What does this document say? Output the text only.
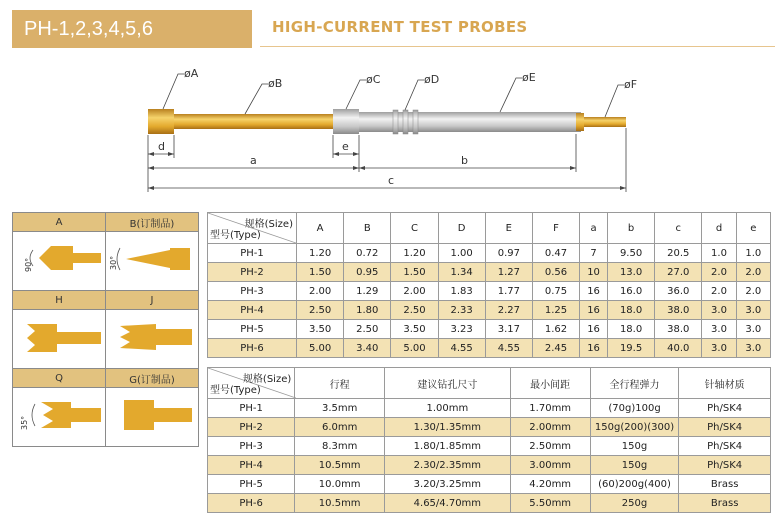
PH-1,2,3,4,5,6	HIGH-CURRENT TEST PROBES
øA
øB	øC	øD	øE
øF
d
a
e
b
c
A	B(订制品)

90°	30°

H	J

Q	G(订制品)

35°

规格(Size)
型号(Type)	A	B	C	D	E	F	a	b	c	d	e
PH-1	1.20	0.72	1.20	1.00	0.97	0.47	7	9.50	20.5	1.0	1.0
PH-2	1.50	0.95	1.50	1.34	1.27	0.56	10	13.0	27.0	2.0	2.0
PH-3	2.00	1.29	2.00	1.83	1.77	0.75	16	16.0	36.0	2.0	2.0
PH-4	2.50	1.80	2.50	2.33	2.27	1.25	16	18.0	38.0	3.0	3.0
PH-5	3.50	2.50	3.50	3.23	3.17	1.62	16	18.0	38.0	3.0	3.0
PH-6	5.00	3.40	5.00	4.55	4.55	2.45	16	19.5	40.0	3.0	3.0
规格(Size)
型号(Type)	行程	建议钻孔尺寸	最小间距	全行程弹力	针轴材质
PH-1	3.5mm	1.00mm	1.70mm	(70g)100g	Ph/SK4
PH-2	6.0mm	1.30/1.35mm	2.00mm	150g(200)(300)	Ph/SK4
PH-3	8.3mm	1.80/1.85mm	2.50mm	150g	Ph/SK4
PH-4	10.5mm	2.30/2.35mm	3.00mm	150g	Ph/SK4
PH-5	10.0mm	3.20/3.25mm	4.20mm	(60)200g(400)	Brass
PH-6	10.5mm	4.65/4.70mm	5.50mm	250g	Brass
